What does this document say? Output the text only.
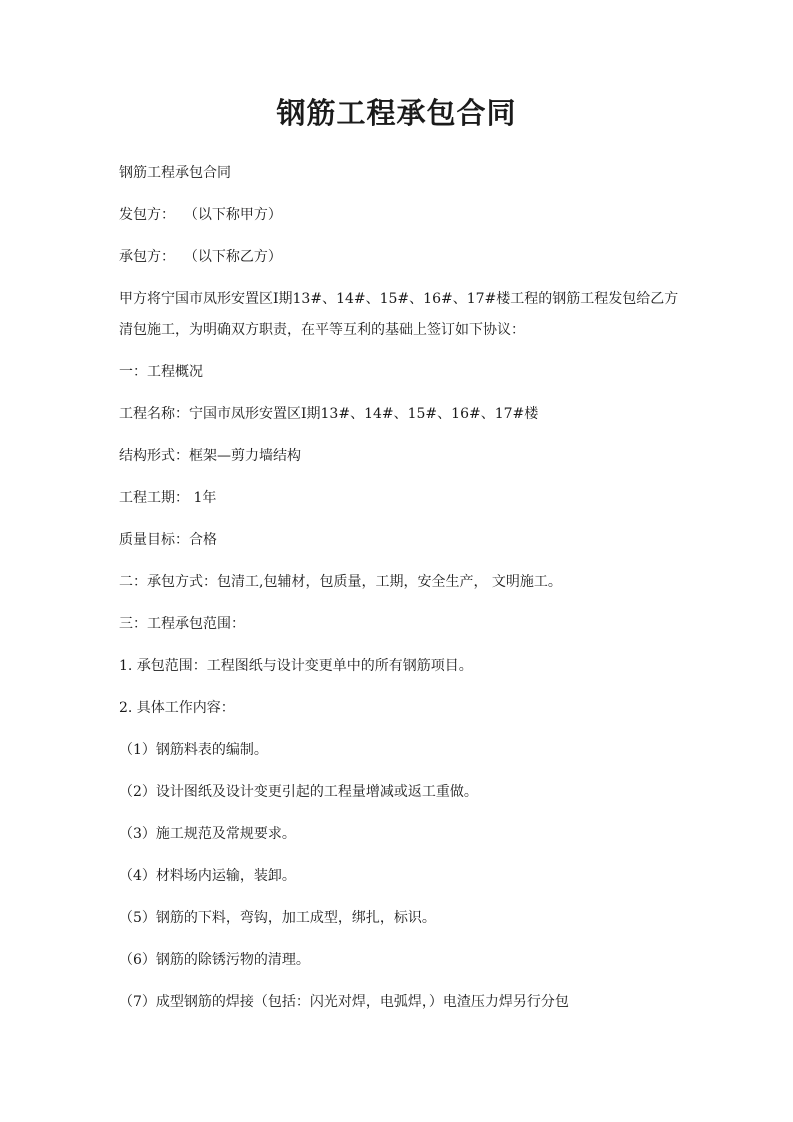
钢筋工程承包合同

钢筋工程承包合同

发包方：  （以下称甲方）

承包方：  （以下称乙方）

甲方将宁国市凤形安置区Ⅰ期13#、14#、15#、16#、17#楼工程的钢筋工程发包给乙方清包施工，为明确双方职责，在平等互利的基础上签订如下协议：

一：工程概况

工程名称：宁国市凤形安置区Ⅰ期13#、14#、15#、16#、17#楼

结构形式：框架—剪力墙结构

工程工期： 1年

质量目标：合格

二：承包方式：包清工,包辅材，包质量，工期，安全生产， 文明施工。

三：工程承包范围：

1. 承包范围：工程图纸与设计变更单中的所有钢筋项目。

2. 具体工作内容：

（1）钢筋料表的编制。

（2）设计图纸及设计变更引起的工程量增减或返工重做。

（3）施工规范及常规要求。

（4）材料场内运输，装卸。

（5）钢筋的下料，弯钩，加工成型，绑扎，标识。

（6）钢筋的除锈污物的清理。

（7）成型钢筋的焊接（包括：闪光对焊，电弧焊，）电渣压力焊另行分包
